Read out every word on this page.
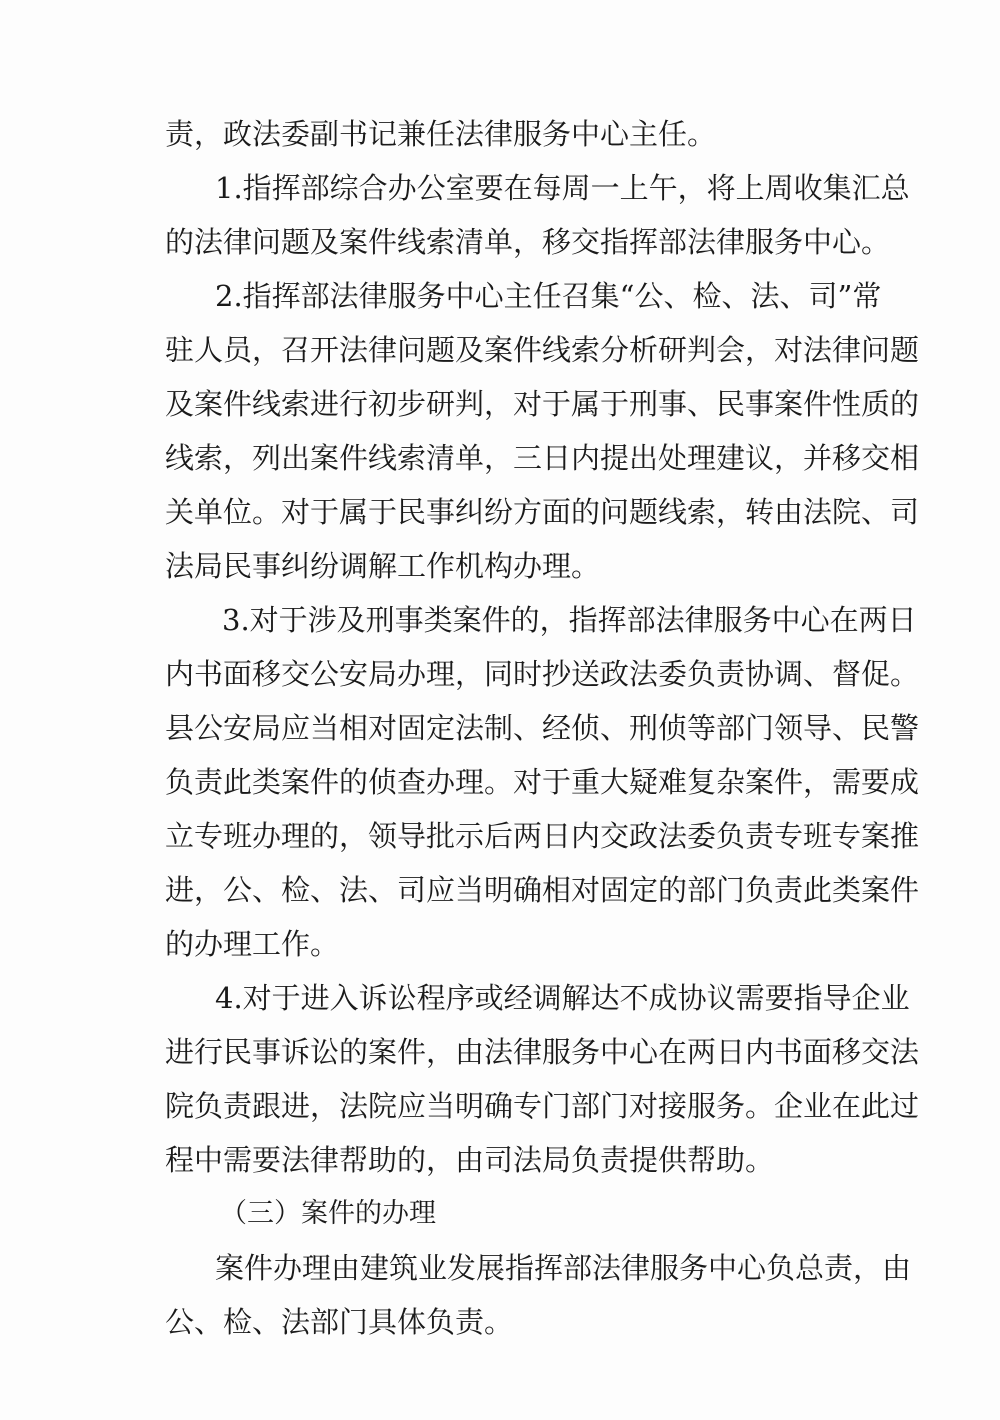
责，政法委副书记兼任法律服务中心主任。
1.指挥部综合办公室要在每周一上午，将上周收集汇总
的法律问题及案件线索清单，移交指挥部法律服务中心。
2.指挥部法律服务中心主任召集“公、检、法、司”常
驻人员，召开法律问题及案件线索分析研判会，对法律问题
及案件线索进行初步研判，对于属于刑事、民事案件性质的
线索，列出案件线索清单，三日内提出处理建议，并移交相
关单位。对于属于民事纠纷方面的问题线索，转由法院、司
法局民事纠纷调解工作机构办理。
3.对于涉及刑事类案件的，指挥部法律服务中心在两日
内书面移交公安局办理，同时抄送政法委负责协调、督促。
县公安局应当相对固定法制、经侦、刑侦等部门领导、民警
负责此类案件的侦查办理。对于重大疑难复杂案件，需要成
立专班办理的，领导批示后两日内交政法委负责专班专案推
进，公、检、法、司应当明确相对固定的部门负责此类案件
的办理工作。
4.对于进入诉讼程序或经调解达不成协议需要指导企业
进行民事诉讼的案件，由法律服务中心在两日内书面移交法
院负责跟进，法院应当明确专门部门对接服务。企业在此过
程中需要法律帮助的，由司法局负责提供帮助。
（三）案件的办理
案件办理由建筑业发展指挥部法律服务中心负总责，由
公、检、法部门具体负责。
